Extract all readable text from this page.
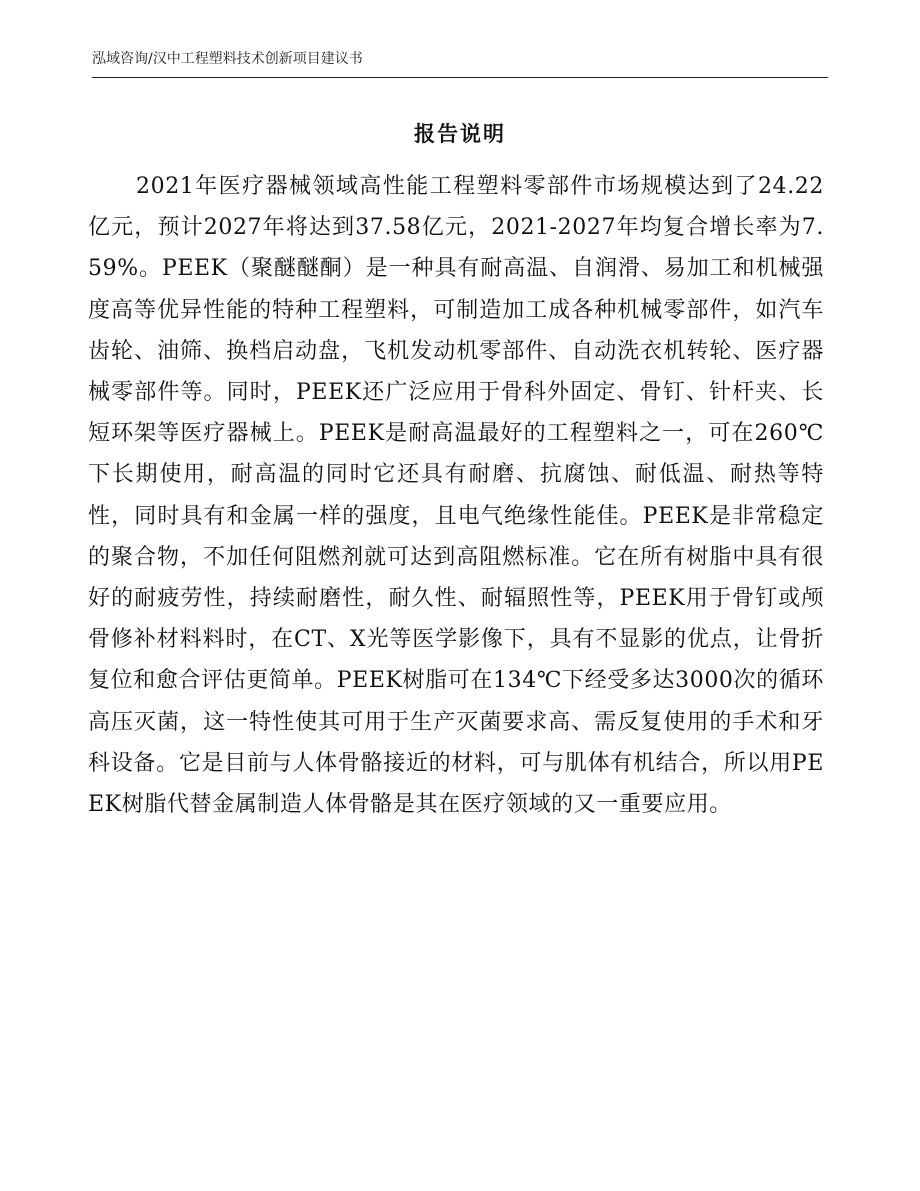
泓域咨询/汉中工程塑料技术创新项目建议书
报告说明

2021年医疗器械领域高性能工程塑料零部件市场规模达到了24.22亿元，预计2027年将达到37.58亿元，2021-2027年均复合增长率为7.59%。PEEK（聚醚醚酮）是一种具有耐高温、自润滑、易加工和机械强度高等优异性能的特种工程塑料，可制造加工成各种机械零部件，如汽车齿轮、油筛、换档启动盘，飞机发动机零部件、自动洗衣机转轮、医疗器械零部件等。同时，PEEK还广泛应用于骨科外固定、骨钉、针杆夹、长短环架等医疗器械上。PEEK是耐高温最好的工程塑料之一，可在260℃下长期使用，耐高温的同时它还具有耐磨、抗腐蚀、耐低温、耐热等特性，同时具有和金属一样的强度，且电气绝缘性能佳。PEEK是非常稳定的聚合物，不加任何阻燃剂就可达到高阻燃标准。它在所有树脂中具有很好的耐疲劳性，持续耐磨性，耐久性、耐辐照性等，PEEK用于骨钉或颅骨修补材料料时，在CT、X光等医学影像下，具有不显影的优点，让骨折复位和愈合评估更简单。PEEK树脂可在134℃下经受多达3000次的循环高压灭菌，这一特性使其可用于生产灭菌要求高、需反复使用的手术和牙科设备。它是目前与人体骨骼接近的材料，可与肌体有机结合，所以用PEEK树脂代替金属制造人体骨骼是其在医疗领域的又一重要应用。
